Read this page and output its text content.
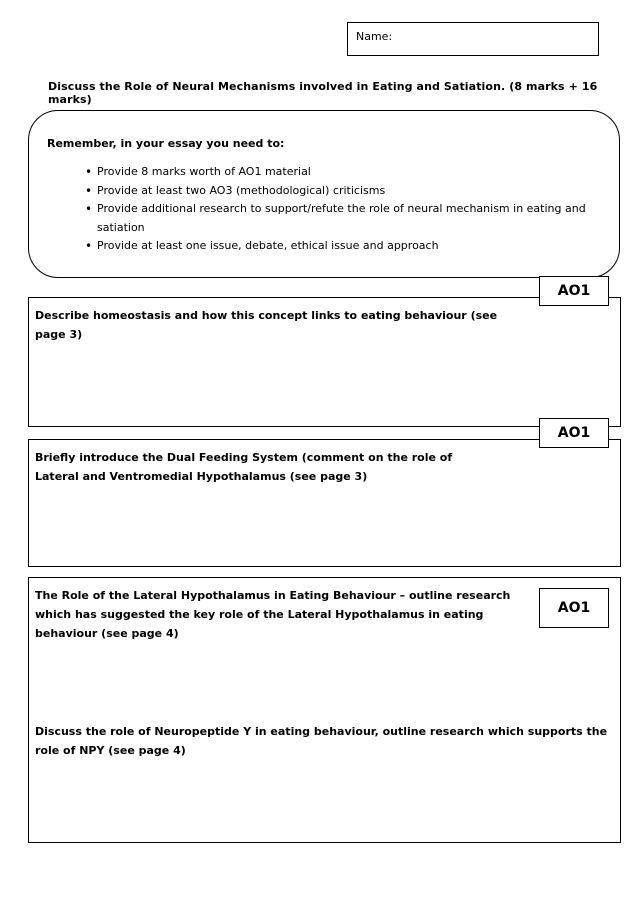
Name:
Discuss the Role of Neural Mechanisms involved in Eating and Satiation. (8 marks + 16 marks)
Remember, in your essay you need to:
• Provide 8 marks worth of AO1 material
• Provide at least two AO3 (methodological) criticisms
• Provide additional research to support/refute the role of neural mechanism in eating and satiation
• Provide at least one issue, debate, ethical issue and approach

Describe homeostasis and how this concept links to eating behaviour (see page 3)

AO1

Briefly introduce the Dual Feeding System (comment on the role of Lateral and Ventromedial Hypothalamus (see page 3)

AO1

The Role of the Lateral Hypothalamus in Eating Behaviour – outline research which has suggested the key role of the Lateral Hypothalamus in eating behaviour (see page 4)

Discuss the role of Neuropeptide Y in eating behaviour, outline research which supports the role of NPY (see page 4)

AO1
